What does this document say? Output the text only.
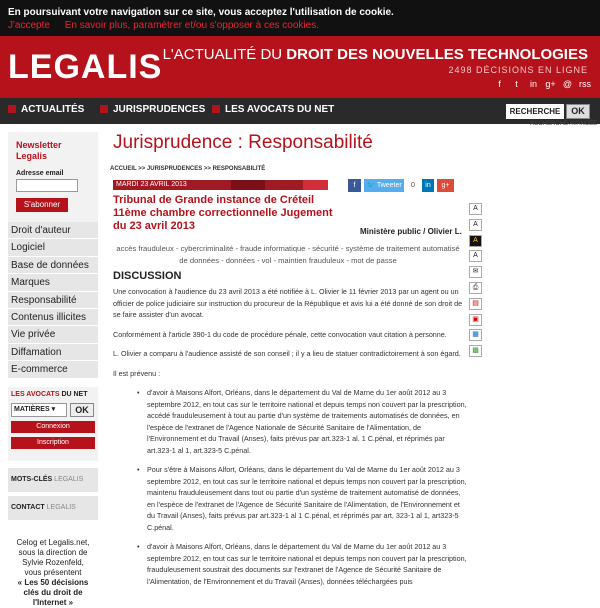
En poursuivant votre navigation sur ce site, vous acceptez l'utilisation de cookie.
J'accepte En savoir plus, paramétrer et/ou s'opposer à ces cookies.
LEGALIS L'ACTUALITÉ DU DROIT DES NOUVELLES TECHNOLOGIES
2498 DÉCISIONS EN LIGNE
f	t	in g+ @ rss
ACTUALITÉS	JURISPRUDENCES	LES AVOCATS DU NET	RECHERCHE	OK
RECHERCHE AVANCÉE
Newsletter
Legalis
Adresse email
S'abonner
Droit d'auteur
Logiciel
Base de données
Marques
Responsabilité
Contenus illicites
Vie privée
Diffamation
E-commerce
LES AVOCATS DU NET
MATIÈRES ▾	OK
Connexion
Inscription
MOTS-CLÉS LEGALIS
CONTACT LEGALIS
Celog et Legalis.net,
sous la direction de
Sylvie Rozenfeld,
vous présentent
« Les 50 décisions
clés du droit de
l'Internet »
Jurisprudence : Responsabilité
ACCUEIL >> JURISPRUDENCES >> RESPONSABILITÉ
MARDI 23 AVRIL 2013	f	🐦 Tweeter	0	in	g+
Tribunal de Grande instance de Créteil 11ème chambre correctionnelle Jugement du 23 avril 2013	Ministère public / Olivier L.
accès frauduleux - cybercriminalité - fraude informatique - sécurité - système de traitement automatisé de données - données - vol - maintien frauduleux - mot de passe
DISCUSSION

Une convocation à l'audience du 23 avril 2013 a été notifiée à L. Olivier le 11 février 2013 par un agent ou un officier de police judiciaire sur instruction du procureur de la République et avis lui a été donné de son droit de se faire assister d'un avocat.

Conformément à l'article 390-1 du code de procédure pénale, cette convocation vaut citation à personne.

L. Olivier a comparu à l'audience assisté de son conseil ; il y a lieu de statuer contradictoirement à son égard.

Il est prévenu :

• d'avoir à Maisons Alfort, Orléans, dans le département du Val de Marne du 1er août 2012 au 3 septembre 2012, en tout cas sur le territoire national et depuis temps non couvert par la prescription, accédé frauduleusement à tout au partie d'un système de traitements automatisés de données, en l'espèce de l'extranet de l'Agence Nationale de Sécurité Sanitaire de l'Alimentation, de l'Environnement et du Travail (Anses), faits prévus par art.323-1 al. 1 C.pénal, et réprimés par art.323-1 al 1, art.323-5 C.pénal.
• Pour s'être à Maisons Alfort, Orléans, dans le département du Val de Marne du 1er août 2012 au 3 septembre 2012, en tout cas sur le territoire national et depuis temps non couvert par la prescription, maintenu frauduleusement dans tout ou partie d'un système de traitement automatisé de données, en l'espèce de l'extranet de l'Agence de Sécurité Sanitaire de l'Alimentation, de l'Environnement et du Travail (Anses), faits prévus par art.323-1 al 1 C.pénal, et réprimés par art, 323-1 al 1, art323-5 C.pénal.
• d'avoir à Maisons Alfort, Orléans, dans le département du Val de Marne du 1er août 2012 au 3 septembre 2012, en tout cas sur le territoire national et depuis temps non couvert par la prescription, frauduleusement soustrait des documents sur l'extranet de l'Agence de Sécurité Sanitaire de l'Alimentation, de l'Environnement et du Travail (Anses), données téléchargées puis
A
A
A
A
✉
⎙
▤
▣
▦
▩
